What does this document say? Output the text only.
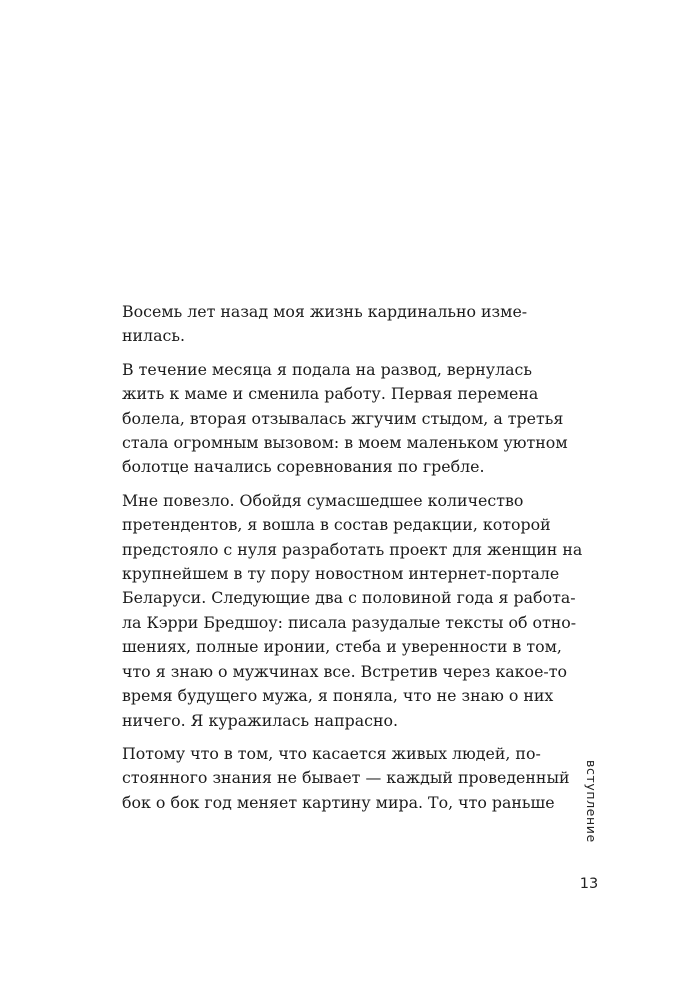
Восемь лет назад моя жизнь кардинально изме-
нилась.
В течение месяца я подала на развод, вернулась
жить к маме и сменила работу. Первая перемена
болела, вторая отзывалась жгучим стыдом, а третья
стала огромным вызовом: в моем маленьком уютном
болотце начались соревнования по гребле.
Мне повезло. Обойдя сумасшедшее количество
претендентов, я вошла в состав редакции, которой
предстояло с нуля разработать проект для женщин на
крупнейшем в ту пору новостном интернет-портале
Беларуси. Следующие два с половиной года я работа-
ла Кэрри Бредшоу: писала разудалые тексты об отно-
шениях, полные иронии, стеба и уверенности в том,
что я знаю о мужчинах все. Встретив через какое-то
время будущего мужа, я поняла, что не знаю о них
ничего. Я куражилась напрасно.
Потому что в том, что касается живых людей, по-
стоянного знания не бывает — каждый проведенный
бок о бок год меняет картину мира. То, что раньше	вступление
13
